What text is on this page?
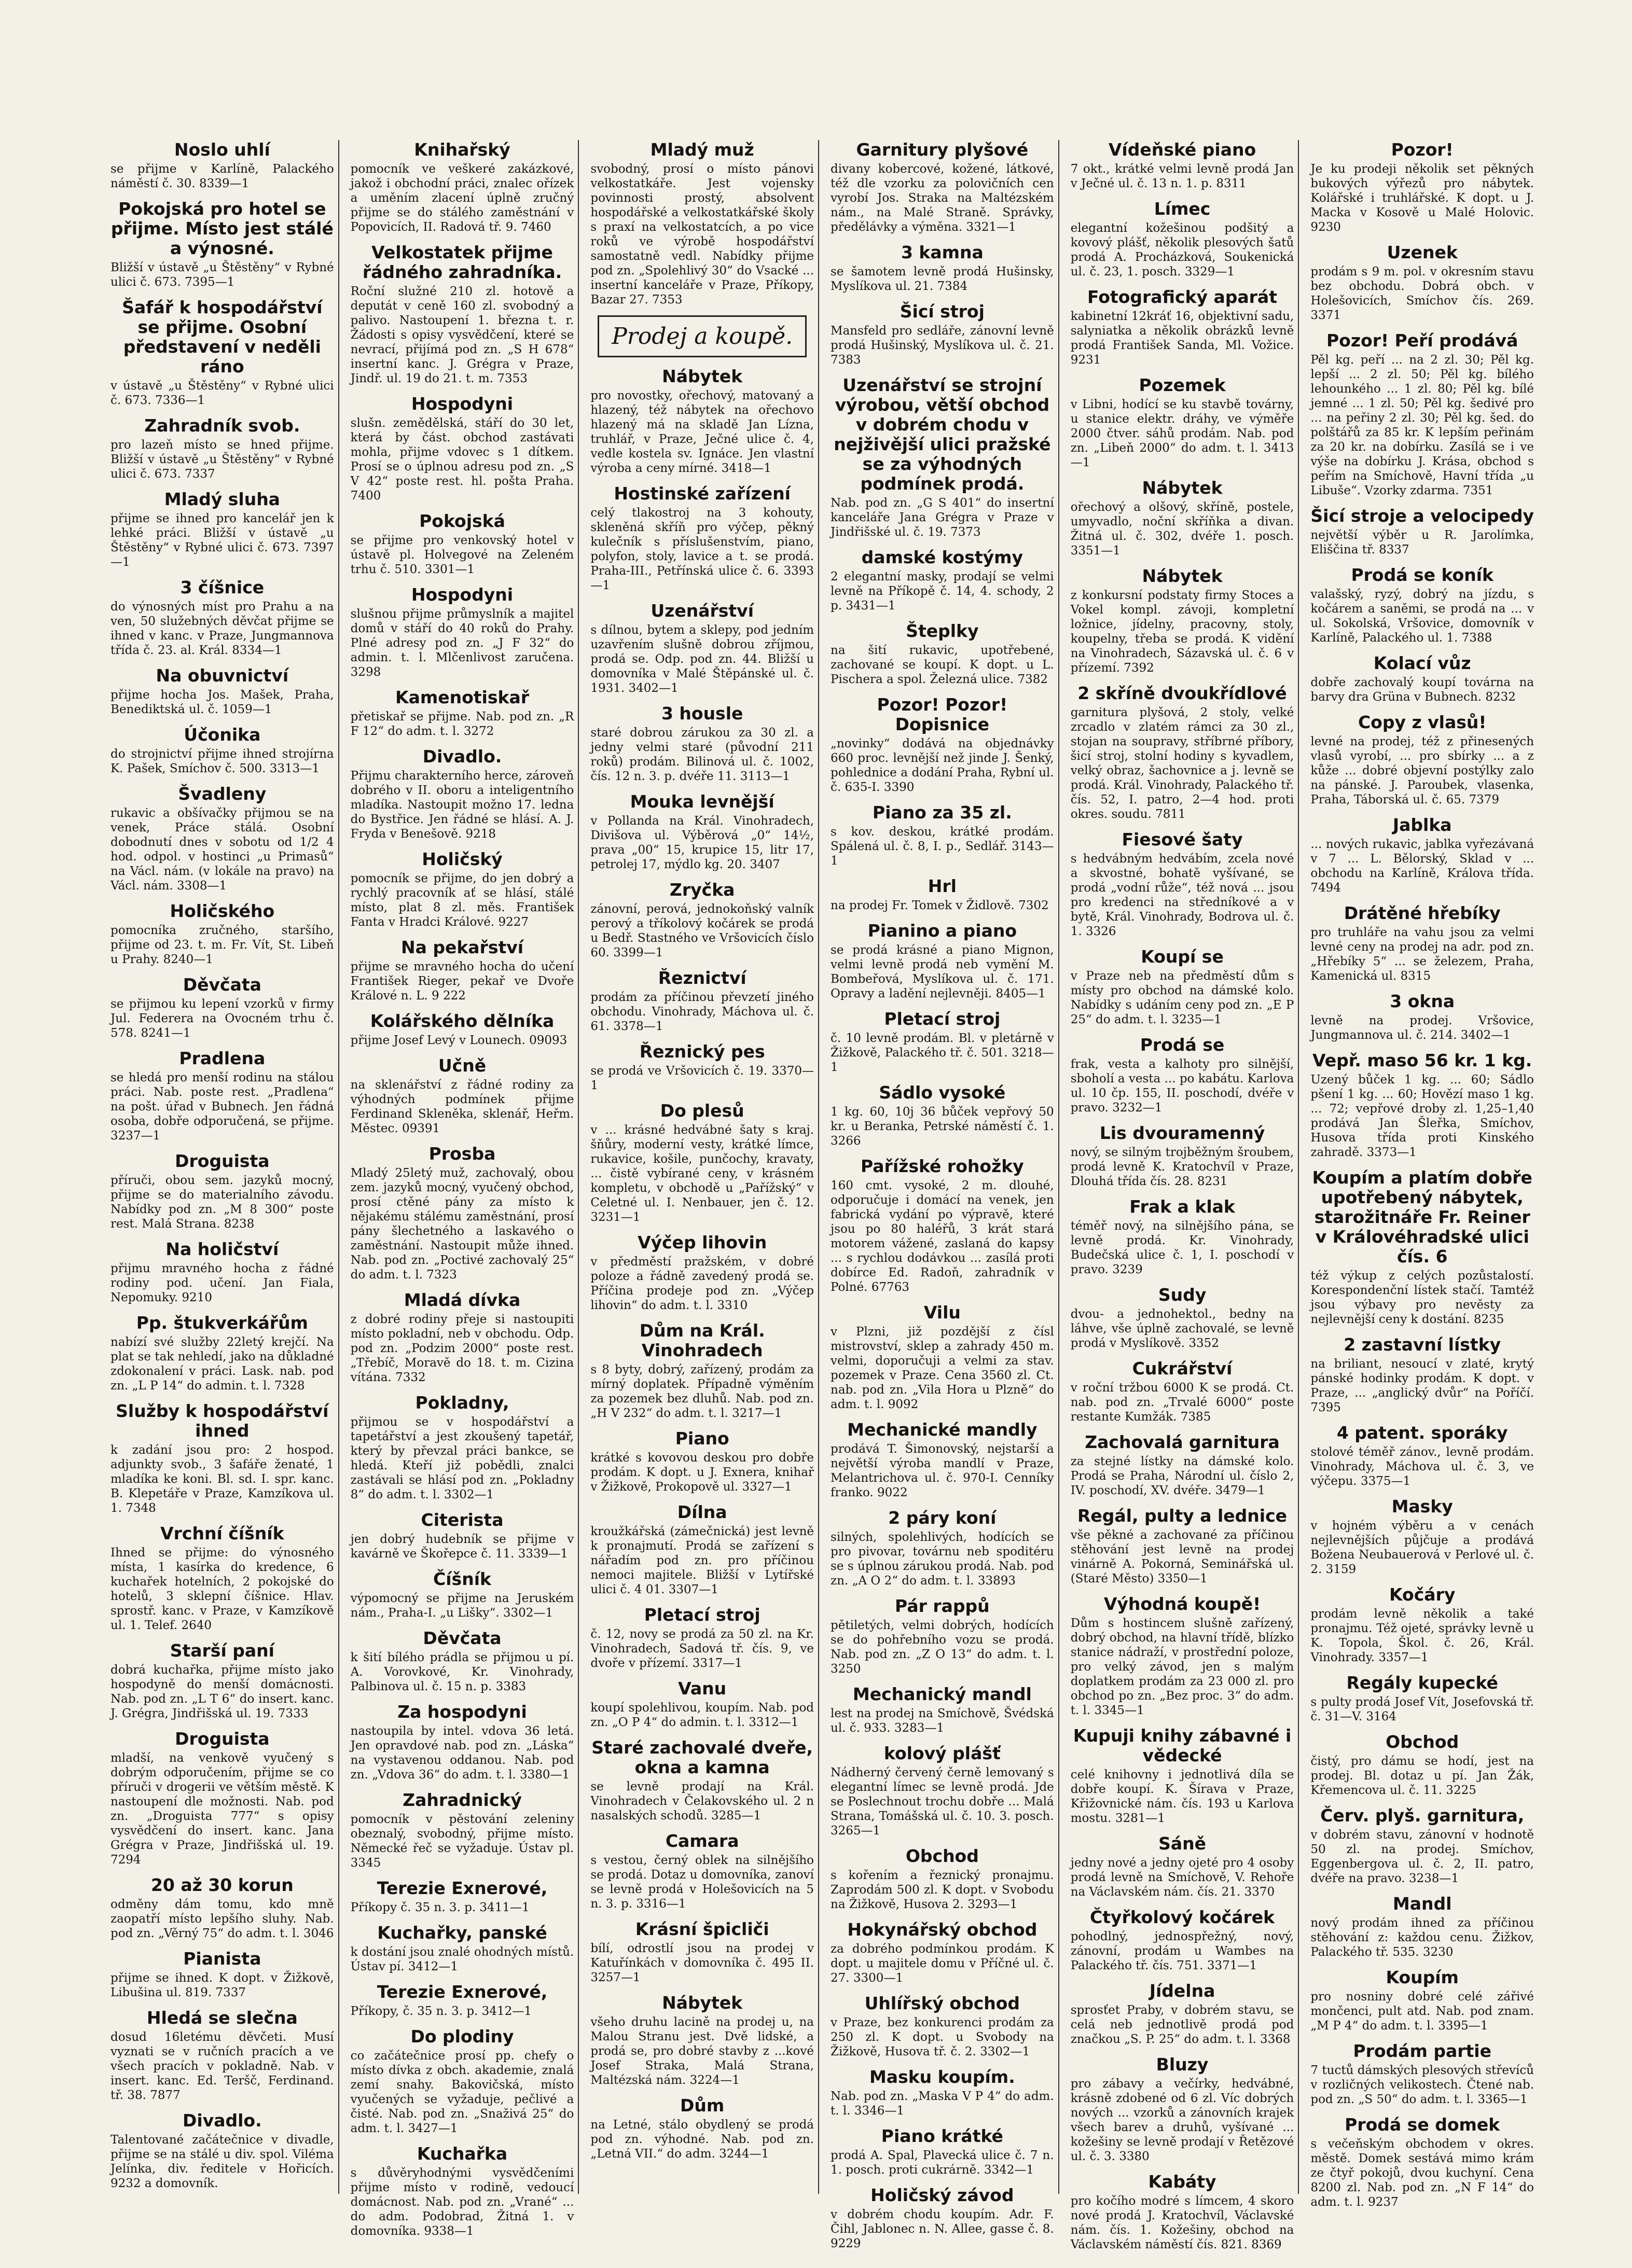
Noslo uhlí

se přijme v Karlíně, Palackého náměstí č. 30. 8339—1

Pokojská pro hotel se přijme. Místo jest stálé a výnosné.

Bližší v ústavě „u Štěstěny“ v Rybné ulici č. 673. 7395—1

Šafář k hospodářství se přijme. Osobní představení v neděli ráno

v ústavě „u Štěstěny“ v Rybné ulici č. 673. 7336—1

Zahradník svob.

pro lazeň místo se hned přijme. Bližší v ústavě „u Štěstěny“ v Rybné ulici č. 673. 7337

Mladý sluha

přijme se ihned pro kancelář jen k lehké práci. Bližší v ústavě „u Štěstěny“ v Rybné ulici č. 673. 7397—1

3 číšnice

do výnosných míst pro Prahu a na ven, 50 služebných děvčat přijme se ihned v kanc. v Praze, Jungmannova třída č. 23. al. Král. 8334—1

Na obuvnictví

přijme hocha Jos. Mašek, Praha, Benediktská ul. č. 1059—1

Účonika

do strojnictví přijme ihned strojírna K. Pašek, Smíchov č. 500. 3313—1

Švadleny

rukavic a obšívačky přijmou se na venek, Práce stálá. Osobní dobodnutí dnes v sobotu od 1/2 4 hod. odpol. v hostinci „u Primasů“ na Václ. nám. (v lokále na pravo) na Václ. nám. 3308—1

Holičského

pomocníka zručného, staršího, přijme od 23. t. m. Fr. Vít, St. Libeň u Prahy. 8240—1

Děvčata

se přijmou ku lepení vzorků v firmy Jul. Federera na Ovocném trhu č. 578. 8241—1

Pradlena

se hledá pro menší rodinu na stálou práci. Nab. poste rest. „Pradlena“ na pošt. úřad v Bubnech. Jen řádná osoba, dobře odporučená, se přijme. 3237—1

Droguista

příruči, obou sem. jazyků mocný, přijme se do materialního závodu. Nabídky pod zn. „M 8 300“ poste rest. Malá Strana. 8238

Na holičství

přijmu mravného hocha z řádné rodiny pod. učení. Jan Fiala, Nepomuky. 9210

Pp. štukverkářům

nabízí své služby 22letý krejčí. Na plat se tak nehledí, jako na důkladné zdokonalení v práci. Lask. nab. pod zn. „L P 14“ do admin. t. l. 7328

Služby k hospodářství ihned

k zadání jsou pro: 2 hospod. adjunkty svob., 3 šafáře ženaté, 1 mladíka ke koni. Bl. sd. I. spr. kanc. B. Klepetáře v Praze, Kamzíkova ul. 1. 7348

Vrchní číšník

Ihned se přijme: do výnosného místa, 1 kasírka do kredence, 6 kuchařek hotelních, 2 pokojské do hotelů, 3 sklepní číšnice. Hlav. sprostř. kanc. v Praze, v Kamzíkově ul. 1. Telef. 2640

Starší paní

dobrá kuchařka, přijme místo jako hospodyně do menší domácnosti. Nab. pod zn. „L T 6“ do insert. kanc. J. Grégra, Jindřišská ul. 19. 7333

Droguista

mladší, na venkově vyučený s dobrým odporučením, přijme se co příruči v drogerii ve větším městě. K nastoupení dle možnosti. Nab. pod zn. „Droguista 777“ s opisy vysvědčení do insert. kanc. Jana Grégra v Praze, Jindřišská ul. 19. 7294

20 až 30 korun

odměny dám tomu, kdo mně zaopatří místo lepšího sluhy. Nab. pod zn. „Věrný 75“ do adm. t. l. 3046

Pianista

přijme se ihned. K dopt. v Žižkově, Libušina ul. 819. 7337

Hledá se slečna

dosud 16letému děvčeti. Musí vyznati se v ručních pracích a ve všech pracích v pokladně. Nab. v insert. kanc. Ed. Teršč, Ferdinand. tř. 38. 7877

Divadlo.

Talentované začátečnice v divadle, přijme se na stálé u div. spol. Viléma Jelínka, div. ředitele v Hořicích. 9232 a domovník.

Knihařský

pomocník ve veškeré zakázkové, jakož i obchodní práci, znalec ořízek a uměním zlacení úplně zručný přijme se do stálého zaměstnání v Popovicích, II. Radová tř. 9. 7460

Velkostatek přijme řádného zahradníka.

Roční služné 210 zl. hotově a deputát v ceně 160 zl. svobodný a palivo. Nastoupení 1. března t. r. Žádosti s opisy vysvědčení, které se nevrací, přijímá pod zn. „S H 678“ insertní kanc. J. Grégra v Praze, Jindř. ul. 19 do 21. t. m. 7353

Hospodyni

slušn. zemědělská, stáří do 30 let, která by část. obchod zastávati mohla, přijme vdovec s 1 dítkem. Prosí se o úplnou adresu pod zn. „S V 42“ poste rest. hl. pošta Praha. 7400

Pokojská

se přijme pro venkovský hotel v ústavě pl. Holvegové na Zeleném trhu č. 510. 3301—1

Hospodyni

slušnou přijme průmyslník a majitel domů v stáří do 40 roků do Prahy. Plné adresy pod zn. „J F 32“ do admin. t. l. Mlčenlivost zaručena. 3298

Kamenotiskař

přetiskař se přijme. Nab. pod zn. „R F 12“ do adm. t. l. 3272

Divadlo.

Přijmu charakterního herce, zároveň dobrého v II. oboru a inteligentního mladíka. Nastoupit možno 17. ledna do Bystřice. Jen řádné se hlásí. A. J. Fryda v Benešově. 9218

Holičský

pomocník se přijme, do jen dobrý a rychlý pracovník ať se hlásí, stálé místo, plat 8 zl. měs. František Fanta v Hradci Králové. 9227

Na pekařství

přijme se mravného hocha do učení František Rieger, pekař ve Dvoře Králové n. L. 9 222

Kolářského dělníka

přijme Josef Levý v Lounech. 09093

Učně

na sklenářství z řádné rodiny za výhodných podmínek přijme Ferdinand Skleněka, sklenář, Heřm. Městec. 09391

Prosba

Mladý 25letý muž, zachovalý, obou zem. jazyků mocný, vyučený obchod, prosí ctěné pány za místo k nějakému stálému zaměstnání, prosí pány šlechetného a laskavého o zaměstnání. Nastoupit může ihned. Nab. pod zn. „Poctivé zachovalý 25“ do adm. t. l. 7323

Mladá dívka

z dobré rodiny přeje si nastoupiti místo pokladní, neb v obchodu. Odp. pod zn. „Podzim 2000“ poste rest. „Třebíč, Moravě do 18. t. m. Cizina vítána. 7332

Pokladny,

přijmou se v hospodářství a tapetářství a jest zkoušený tapetář, který by převzal práci bankce, se hledá. Kteří již pobědli, znalci zastávali se hlásí pod zn. „Pokladny 8“ do adm. t. l. 3302—1

Citerista

jen dobrý hudebník se přijme v kavárně ve Škořepce č. 11. 3339—1

Číšník

výpomocný se přijme na Jeruském nám., Praha-I. „u Lišky“. 3302—1

Děvčata

k šití bílého prádla se přijmou u pí. A. Vorovkové, Kr. Vinohrady, Palbinova ul. č. 15 n. p. 3383

Za hospodyni

nastoupila by intel. vdova 36 letá. Jen opravdové nab. pod zn. „Láska“ na vystavenou oddanou. Nab. pod zn. „Vdova 36“ do adm. t. l. 3380—1

Zahradnický

pomocník v pěstování zeleniny obeznalý, svobodný, přijme místo. Německé řeč se vyžaduje. Ústav pl. 3345

Terezie Exnerové,

Příkopy č. 35 n. 3. p. 3411—1

Kuchařky, panské

k dostání jsou znalé ohodných místů. Ústav pí. 3412—1

Terezie Exnerové,

Příkopy, č. 35 n. 3. p. 3412—1

Do plodiny

co začátečnice prosí pp. chefy o místo dívka z obch. akademie, znalá zemí snahy. Bakovičská, místo vyučených se vyžaduje, pečlivé a čisté. Nab. pod zn. „Snaživá 25“ do adm. t. l. 3427—1

Kuchařka

s důvěryhodnými vysvědčeními přijme místo v rodině, vedoucí domácnost. Nab. pod zn. „Vrané“ ... do adm. Podobrad, Žitná 1. v domovníka. 9338—1

Mladý muž

svobodný, prosí o místo pánovi velkostatkáře. Jest vojensky povinnosti prostý, absolvent hospodářské a velkostatkářské školy s praxí na velkostatcích, a po vice roků ve výrobě hospodářství samostatně vedl. Nabídky přijme pod zn. „Spolehlivý 30“ do Vsacké ... insertní kanceláře v Praze, Příkopy, Bazar 27. 7353

Prodej a koupě.
Nábytek

pro novostky, ořechový, matovaný a hlazený, též nábytek na ořechovo hlazený má na skladě Jan Lízna, truhlář, v Praze, Ječné ulice č. 4, vedle kostela sv. Ignáce. Jen vlastní výroba a ceny mírné. 3418—1

Hostinské zařízení

celý tlakostroj na 3 kohouty, skleněná skříň pro výčep, pěkný kulečník s příslušenstvím, piano, polyfon, stoly, lavice a t. se prodá. Praha-III., Petřínská ulice č. 6. 3393—1

Uzenářství

s dílnou, bytem a sklepy, pod jedním uzavřením slušně dobrou zříjmou, prodá se. Odp. pod zn. 44. Bližší u domovníka v Malé Štěpánské ul. č. 1931. 3402—1

3 housle

staré dobrou zárukou za 30 zl. a jedny velmi staré (původní 211 roků) prodám. Bilinová ul. č. 1002, čís. 12 n. 3. p. dvéře 11. 3113—1

Mouka levnější

v Pollanda na Král. Vinohradech, Divišova ul. Výběrová „0“ 14½, prava „00“ 15, krupice 15, litr 17, petrolej 17, mýdlo kg. 20. 3407

Zryčka

zánovní, perová, jednokoňský valník perový a tříkolový kočárek se prodá u Bedř. Stastného ve Vršovicích číslo 60. 3399—1

Řeznictví

prodám za příčinou převzetí jiného obchodu. Vinohrady, Máchova ul. č. 61. 3378—1

Řeznický pes

se prodá ve Vršovicích č. 19. 3370—1

Do plesů

v ... krásné hedvábné šaty s kraj. šňůry, moderní vesty, krátké límce, rukavice, košile, punčochy, kravaty, ... čistě vybírané ceny, v krásném kompletu, v obchodě u „Pařížský“ v Celetné ul. I. Nenbauer, jen č. 12. 3231—1

Výčep lihovin

v předměstí pražském, v dobré poloze a řádně zavedený prodá se. Příčina prodeje pod zn. „Výčep lihovin“ do adm. t. l. 3310

Dům na Král. Vinohradech

s 8 byty, dobrý, zařízený, prodám za mírný doplatek. Případně výměním za pozemek bez dluhů. Nab. pod zn. „H V 232“ do adm. t. l. 3217—1

Piano

krátké s kovovou deskou pro dobře prodám. K dopt. u J. Exnera, knihař v Žižkově, Prokopově ul. 3327—1

Dílna

kroužkářská (zámečnická) jest levně k pronajmutí. Prodá se zařízení s nářadím pod zn. pro příčinou nemoci majitele. Bližší v Lytířské ulici č. 4 01. 3307—1

Pletací stroj

č. 12, novy se prodá za 50 zl. na Kr. Vinohradech, Sadová tř. čís. 9, ve dvoře v přízemí. 3317—1

Vanu

koupí spolehlivou, koupím. Nab. pod zn. „O P 4“ do admin. t. l. 3312—1

Staré zachovalé dveře, okna a kamna

se levně prodají na Král. Vinohradech v Čelakovského ul. 2 n nasalských schodů. 3285—1

Camara

s vestou, černý oblek na silnějšího se prodá. Dotaz u domovníka, zanoví se levně prodá v Holešovicích na 5 n. 3. p. 3316—1

Krásní špicliči

bílí, odrostlí jsou na prodej v Katuřínkách v domovníka č. 495 II. 3257—1

Nábytek

všeho druhu lacině na prodej u, na Malou Stranu jest. Dvě lidské, a prodá se, pro dobré stavby z ...kové Josef Straka, Malá Strana, Maltézská nám. 3224—1

Dům

na Letné, stálo obydlený se prodá pod zn. výhodné. Nab. pod zn. „Letná VII.“ do adm. 3244—1

Garnitury plyšové

divany kobercové, kožené, látkové, též dle vzorku za polovičních cen vyrobí Jos. Straka na Maltézském nám., na Malé Straně. Správky, předělávky a výměna. 3321—1

3 kamna

se šamotem levně prodá Hušinsky, Myslíkova ul. 21. 7384

Šicí stroj

Mansfeld pro sedláře, zánovní levně prodá Hušinský, Myslíkova ul. č. 21. 7383

Uzenářství se strojní výrobou, větší obchod v dobrém chodu v nejživější ulici pražské se za výhodných podmínek prodá.

Nab. pod zn. „G S 401“ do insertní kanceláře Jana Grégra v Praze v Jindřišské ul. č. 19. 7373

damské kostýmy

2 elegantní masky, prodají se velmi levně na Příkopě č. 14, 4. schody, 2 p. 3431—1

Šteplky

na šití rukavic, upotřebené, zachované se koupí. K dopt. u L. Pischera a spol. Železná ulice. 7382

Pozor! Pozor! Dopisnice

„novinky“ dodává na objednávky 660 proc. levnější než jinde J. Šenký, pohlednice a dodání Praha, Rybní ul. č. 635-I. 3390

Piano za 35 zl.

s kov. deskou, krátké prodám. Spálená ul. č. 8, I. p., Sedlář. 3143—1

Hrl

na prodej Fr. Tomek v Židlově. 7302

Pianino a piano

se prodá krásné a piano Mignon, velmi levně prodá neb vymění M. Bombeřová, Myslíkova ul. č. 171. Opravy a ladění nejlevněji. 8405—1

Pletací stroj

č. 10 levně prodám. Bl. v pletárně v Žižkově, Palackého tř. č. 501. 3218—1

Sádlo vysoké

1 kg. 60, 10j 36 bůček vepřový 50 kr. u Beranka, Petrské náměstí č. 1. 3266

Pařížské rohožky

160 cmt. vysoké, 2 m. dlouhé, odporučuje i domácí na venek, jen fabrická vydání po výpravě, které jsou po 80 haléřů, 3 krát stará motorem vážené, zaslaná do kapsy ... s rychlou dodávkou ... zasílá proti dobírce Ed. Radoň, zahradník v Polné. 67763

Vilu

v Plzni, již pozdější z čísl mistrovství, sklep a zahrady 450 m. velmi, doporučuji a velmi za stav. pozemek v Praze. Cena 3560 zl. Ct. nab. pod zn. „Vila Hora u Plzně“ do adm. t. l. 9092

Mechanické mandly

prodává T. Šimonovský, nejstarší a největší výroba mandlí v Praze, Melantrichova ul. č. 970-I. Cenníky franko. 9022

2 páry koní

silných, spolehlivých, hodících se pro pivovar, továrnu neb spoditéru se s úplnou zárukou prodá. Nab. pod zn. „A O 2“ do adm. t. l. 33893

Pár rappů

pětiletých, velmi dobrých, hodících se do pohřebního vozu se prodá. Nab. pod zn. „Z O 13“ do adm. t. l. 3250

Mechanický mandl

lest na prodej na Smíchově, Švédská ul. č. 933. 3283—1

kolový plášť

Nádherný červený černě lemovaný s elegantní límec se levně prodá. Jde se Poslechnout trochu dobře ... Malá Strana, Tomášská ul. č. 10. 3. posch. 3265—1

Obchod

s kořením a řeznický pronajmu. Zaprodám 500 zl. K dopt. v Svobodu na Žižkově, Husova 2. 3293—1

Hokynářský obchod

za dobrého podmínkou prodám. K dopt. u majitele domu v Příčné ul. č. 27. 3300—1

Uhlířský obchod

v Praze, bez konkurenci prodám za 250 zl. K dopt. u Svobody na Žižkově, Husova tř. č. 2. 3302—1

Masku koupím.

Nab. pod zn. „Maska V P 4“ do adm. t. l. 3346—1

Piano krátké

prodá A. Spal, Plavecká ulice č. 7 n. 1. posch. proti cukrárně. 3342—1

Holičský závod

v dobrém chodu koupím. Adr. F. Čihl, Jablonec n. N. Allee, gasse č. 8. 9229

Vídeňské piano

7 okt., krátké velmi levně prodá Jan v Ječné ul. č. 13 n. 1. p. 8311

Límec

elegantní kožešinou podšitý a kovový plášť, několik plesových šatů prodá A. Procházková, Soukenická ul. č. 23, 1. posch. 3329—1

Fotografický aparát

kabinetní 12kráť 16, objektivní sadu, salyniatka a několik obrázků levně prodá František Sanda, Ml. Vožice. 9231

Pozemek

v Libni, hodící se ku stavbě továrny, u stanice elektr. dráhy, ve výměře 2000 čtver. sáhů prodám. Nab. pod zn. „Libeň 2000“ do adm. t. l. 3413—1

Nábytek

ořechový a olšový, skříně, postele, umyvadlo, noční skříňka a divan. Žitná ul. č. 302, dvéře 1. posch. 3351—1

Nábytek

z konkursní podstaty firmy Stoces a Vokel kompl. závoji, kompletní ložnice, jídelny, pracovny, stoly, koupelny, třeba se prodá. K vidění na Vinohradech, Sázavská ul. č. 6 v přízemí. 7392

2 skříně dvoukřídlové

garnitura plyšová, 2 stoly, velké zrcadlo v zlatém rámci za 30 zl., stojan na soupravy, stříbrné příbory, šicí stroj, stolní hodiny s kyvadlem, velký obraz, šachovnice a j. levně se prodá. Král. Vinohrady, Palackého tř. čís. 52, I. patro, 2—4 hod. proti okres. soudu. 7811

Fiesové šaty

s hedvábným hedvábím, zcela nové a skvostné, bohatě vyšívané, se prodá „vodní růže“, též nová ... jsou pro kredenci na středníkové a v bytě, Král. Vinohrady, Bodrova ul. č. 1. 3326

Koupí se

v Praze neb na předměstí dům s místy pro obchod na dámské kolo. Nabídky s udáním ceny pod zn. „E P 25“ do adm. t. l. 3235—1

Prodá se

frak, vesta a kalhoty pro silnější, sboholí a vesta ... po kabátu. Karlova ul. 10 čp. 155, II. poschodí, dvéře v pravo. 3232—1

Lis dvouramenný

nový, se silným trojběžným šroubem, prodá levně K. Kratochvíl v Praze, Dlouhá třída čís. 28. 8231

Frak a klak

téměř nový, na silnějšího pána, se levně prodá. Kr. Vinohrady, Budečská ulice č. 1, I. poschodí v pravo. 3239

Sudy

dvou- a jednohektol., bedny na láhve, vše úplně zachovalé, se levně prodá v Myslíkově. 3352

Cukrářství

v roční tržbou 6000 K se prodá. Ct. nab. pod zn. „Trvalé 6000“ poste restante Kumžák. 7385

Zachovalá garnitura

za stejné lístky na dámské kolo. Prodá se Praha, Národní ul. číslo 2, IV. poschodí, XV. dvéře. 3479—1

Regál, pulty a lednice

vše pěkné a zachované za příčinou stěhování jest levně na prodej vinárně A. Pokorná, Seminářská ul. (Staré Město) 3350—1

Výhodná koupě!

Dům s hostincem slušně zařízený, dobrý obchod, na hlavní třídě, blízko stanice nádraží, v prostřední poloze, pro velký závod, jen s malým doplatkem prodám za 23 000 zl. pro obchod po zn. „Bez proc. 3“ do adm. t. l. 3345—1

Kupuji knihy zábavné i vědecké

celé knihovny i jednotlivá díla se dobře koupí. K. Šírava v Praze, Křižovnické nám. čís. 193 u Karlova mostu. 3281—1

Sáně

jedny nové a jedny ojeté pro 4 osoby prodá levně na Smíchově, V. Rehoře na Václavském nám. čís. 21. 3370

Čtyřkolový kočárek

pohodlný, jednospřežný, nový, zánovní, prodám u Wambes na Palackého tř. čís. 751. 3371—1

Jídelna

sprosťet Praby, v dobrém stavu, se celá neb jednotlivě prodá pod značkou „S. P. 25“ do adm. t. l. 3368

Bluzy

pro zábavy a večírky, hedvábné, krásně zdobené od 6 zl. Víc dobrých nových ... vzorků a zánovních krajek všech barev a druhů, vyšívané ... kožešiny se levně prodají v Řetězové ul. č. 3. 3380

Kabáty

pro kočího modré s límcem, 4 skoro nové prodá J. Kratochvíl, Václavské nám. čís. 1. Kožešiny, obchod na Václavském náměstí čís. 821. 8369

Pozor!

Je ku prodeji několik set pěkných bukových výřezů pro nábytek. Kolářské i truhlářské. K dopt. u J. Macka v Kosově u Malé Holovic. 9230

Uzenek

prodám s 9 m. pol. v okresním stavu bez obchodu. Dobrá obch. v Holešovicích, Smíchov čís. 269. 3371

Pozor! Peří prodává

Pěl kg. peří ... na 2 zl. 30; Pěl kg. lepší ... 2 zl. 50; Pěl kg. bílého lehounkého ... 1 zl. 80; Pěl kg. bílé jemné ... 1 zl. 50; Pěl kg. šedivé pro ... na peřiny 2 zl. 30; Pěl kg. šed. do polštářů za 85 kr. K lepším peřinám za 20 kr. na dobírku. Zasílá se i ve výše na dobírku J. Krása, obchod s peřím na Smíchově, Havní třída „u Libuše“. Vzorky zdarma. 7351

Šicí stroje a velocipedy

největší výběr u R. Jarolímka, Eliščina tř. 8337

Prodá se koník

valašský, ryzý, dobrý na jízdu, s kočárem a saněmi, se prodá na ... v ul. Sokolská, Vršovice, domovník v Karlíně, Palackého ul. 1. 7388

Kolací vůz

dobře zachovalý koupí továrna na barvy dra Grüna v Bubnech. 8232

Copy z vlasů!

levné na prodej, též z přinesených vlasů vyrobí, ... pro sbírky ... a z kůže ... dobré objevní postýlky zalo na pánské. J. Paroubek, vlasenka, Praha, Táborská ul. č. 65. 7379

Jablka

... nových rukavic, jablka vyřezávaná v 7 ... L. Bělorský, Sklad v ... obchodu na Karlíně, Králova třída. 7494

Drátěné hřebíky

pro truhláře na vahu jsou za velmi levné ceny na prodej na adr. pod zn. „Hřebíky 5“ ... se železem, Praha, Kamenická ul. 8315

3 okna

levně na prodej. Vršovice, Jungmannova ul. č. 214. 3402—1

Vepř. maso 56 kr. 1 kg.

Uzený bůček 1 kg. ... 60; Sádlo pšení 1 kg. ... 60; Hovězí maso 1 kg. ... 72; vepřové droby zl. 1,25–1,40 prodává Jan Šleřka, Smíchov, Husova třída proti Kinského zahradě. 3373—1

Koupím a platím dobře upotřebený nábytek, starožitnáře Fr. Reiner v Královéhradské ulici čís. 6

též výkup z celých pozůstalostí. Korespondenční lístek stačí. Tamtéž jsou výbavy pro nevěsty za nejlevnější ceny k dostání. 8235

2 zastavní lístky

na briliant, nesoucí v zlaté, krytý pánské hodinky prodám. K dopt. v Praze, ... „anglický dvůr“ na Poříčí. 7395

4 patent. sporáky

stolové téměř zánov., levně prodám. Vinohrady, Máchova ul. č. 3, ve výčepu. 3375—1

Masky

v hojném výběru a v cenách nejlevnějších půjčuje a prodává Božena Neubauerová v Perlové ul. č. 2. 3159

Kočáry

prodám levně několik a také pronajmu. Též ojeté, správky levně u K. Topola, Škol. č. 26, Král. Vinohrady. 3357—1

Regály kupecké

s pulty prodá Josef Vít, Josefovská tř. č. 31—V. 3164

Obchod

čistý, pro dámu se hodí, jest na prodej. Bl. dotaz u pí. Jan Žák, Křemencova ul. č. 11. 3225

Červ. plyš. garnitura,

v dobrém stavu, zánovní v hodnotě 50 zl. na prodej. Smíchov, Eggenbergova ul. č. 2, II. patro, dvéře na pravo. 3238—1

Mandl

nový prodám ihned za příčinou stěhování z: každou cenu. Žižkov, Palackého tř. 535. 3230

Koupím

pro nosniny dobré celé zářivé mončenci, pult atd. Nab. pod znam. „M P 4“ do adm. t. l. 3395—1

Prodám partie

7 tuctů dámských plesových střevíců v rozličných velikostech. Čtené nab. pod zn. „S 50“ do adm. t. l. 3365—1

Prodá se domek

s večeňským obchodem v okres. městě. Domek sestává mimo krám ze čtyř pokojů, dvou kuchyní. Cena 8200 zl. Nab. pod zn. „N F 14“ do adm. t. l. 9237
